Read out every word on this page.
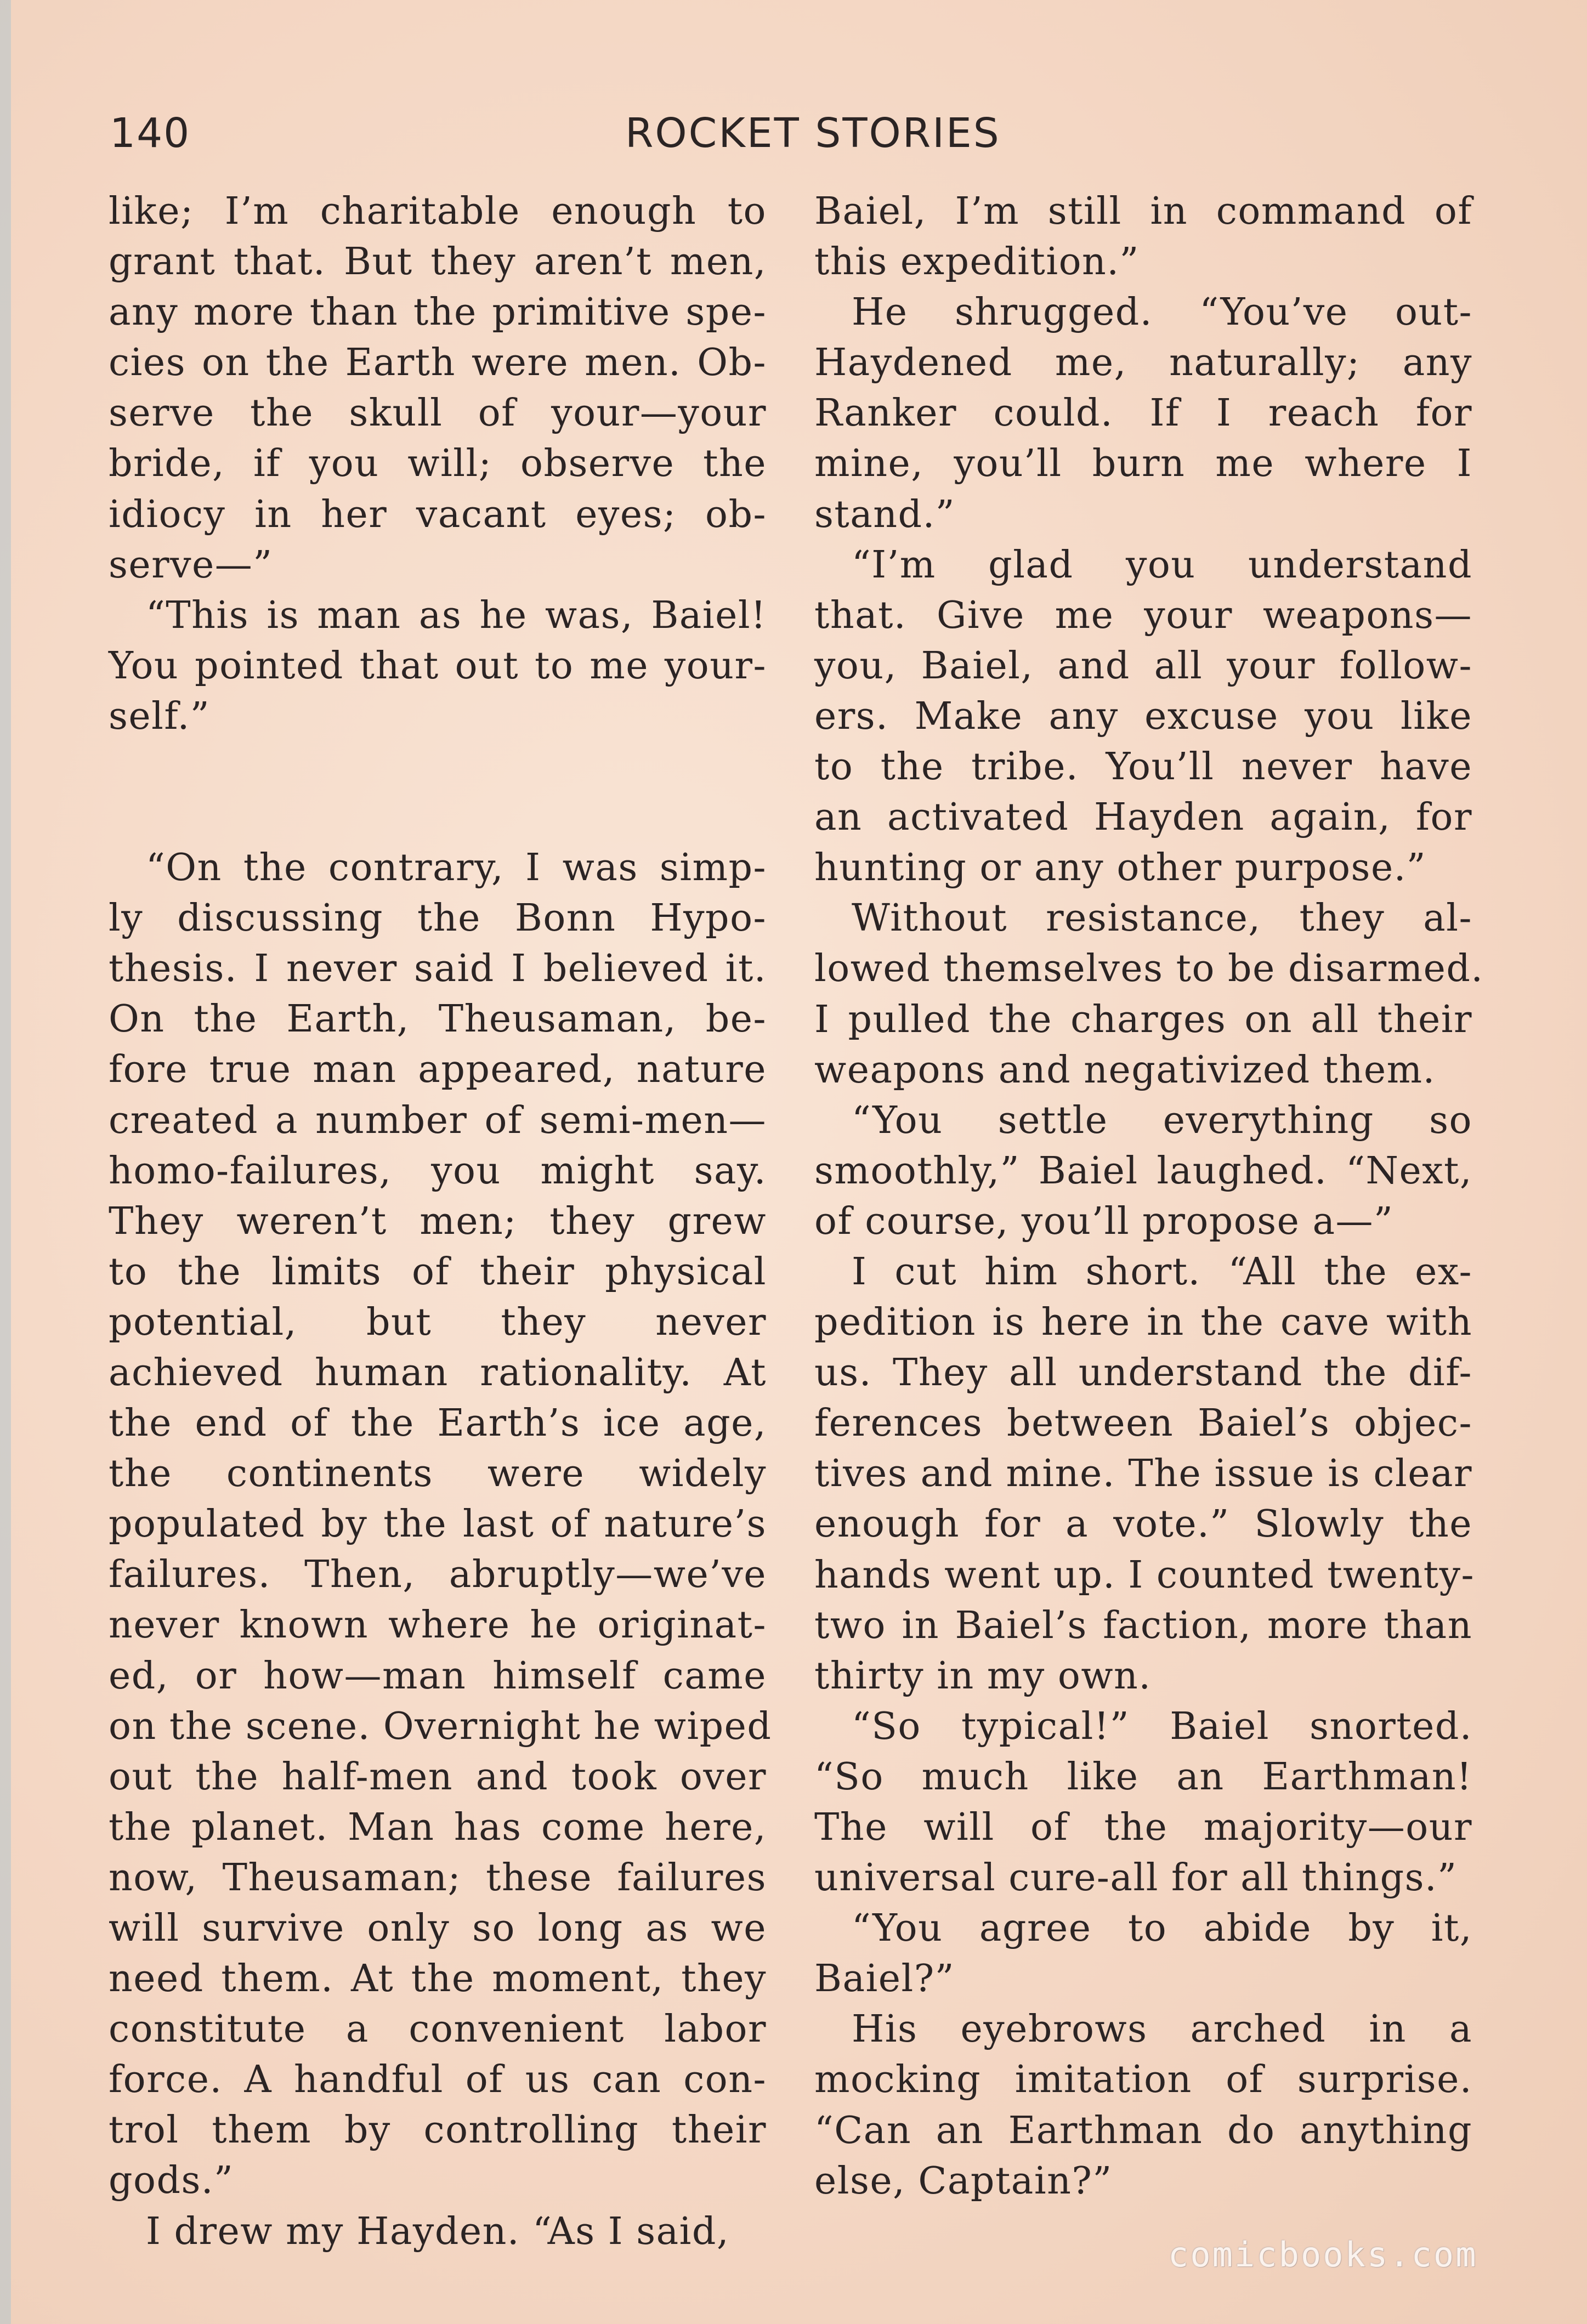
140	ROCKET STORIES

like; I’m charitable enough to
grant that. But they aren’t men,
any more than the primitive spe-
cies on the Earth were men. Ob-
serve the skull of your—your
bride, if you will; observe the
idiocy in her vacant eyes; ob-
serve—”

“This is man as he was, Baiel!
You pointed that out to me your-
self.”

“On the contrary, I was simp-
ly discussing the Bonn Hypo-
thesis. I never said I believed it.
On the Earth, Theusaman, be-
fore true man appeared, nature
created a number of semi-men—
homo-failures, you might say.
They weren’t men; they grew
to the limits of their physical
potential, but they never
achieved human rationality. At
the end of the Earth’s ice age,
the continents were widely
populated by the last of nature’s
failures. Then, abruptly—we’ve
never known where he originat-
ed, or how—man himself came
on the scene. Overnight he wiped
out the half-men and took over
the planet. Man has come here,
now, Theusaman; these failures
will survive only so long as we
need them. At the moment, they
constitute a convenient labor
force. A handful of us can con-
trol them by controlling their
gods.”

I drew my Hayden. “As I said,

Baiel, I’m still in command of
this expedition.”

He shrugged. “You’ve out-
Haydened me, naturally; any
Ranker could. If I reach for
mine, you’ll burn me where I
stand.”

“I’m glad you understand
that. Give me your weapons—
you, Baiel, and all your follow-
ers. Make any excuse you like
to the tribe. You’ll never have
an activated Hayden again, for
hunting or any other purpose.”

Without resistance, they al-
lowed themselves to be disarmed.
I pulled the charges on all their
weapons and negativized them.

“You settle everything so
smoothly,” Baiel laughed. “Next,
of course, you’ll propose a—”

I cut him short. “All the ex-
pedition is here in the cave with
us. They all understand the dif-
ferences between Baiel’s objec-
tives and mine. The issue is clear
enough for a vote.” Slowly the
hands went up. I counted twenty-
two in Baiel’s faction, more than
thirty in my own.

“So typical!” Baiel snorted.
“So much like an Earthman!
The will of the majority—our
universal cure-all for all things.”

“You agree to abide by it,
Baiel?”

His eyebrows arched in a
mocking imitation of surprise.
“Can an Earthman do anything
else, Captain?”

comicbooks.com
